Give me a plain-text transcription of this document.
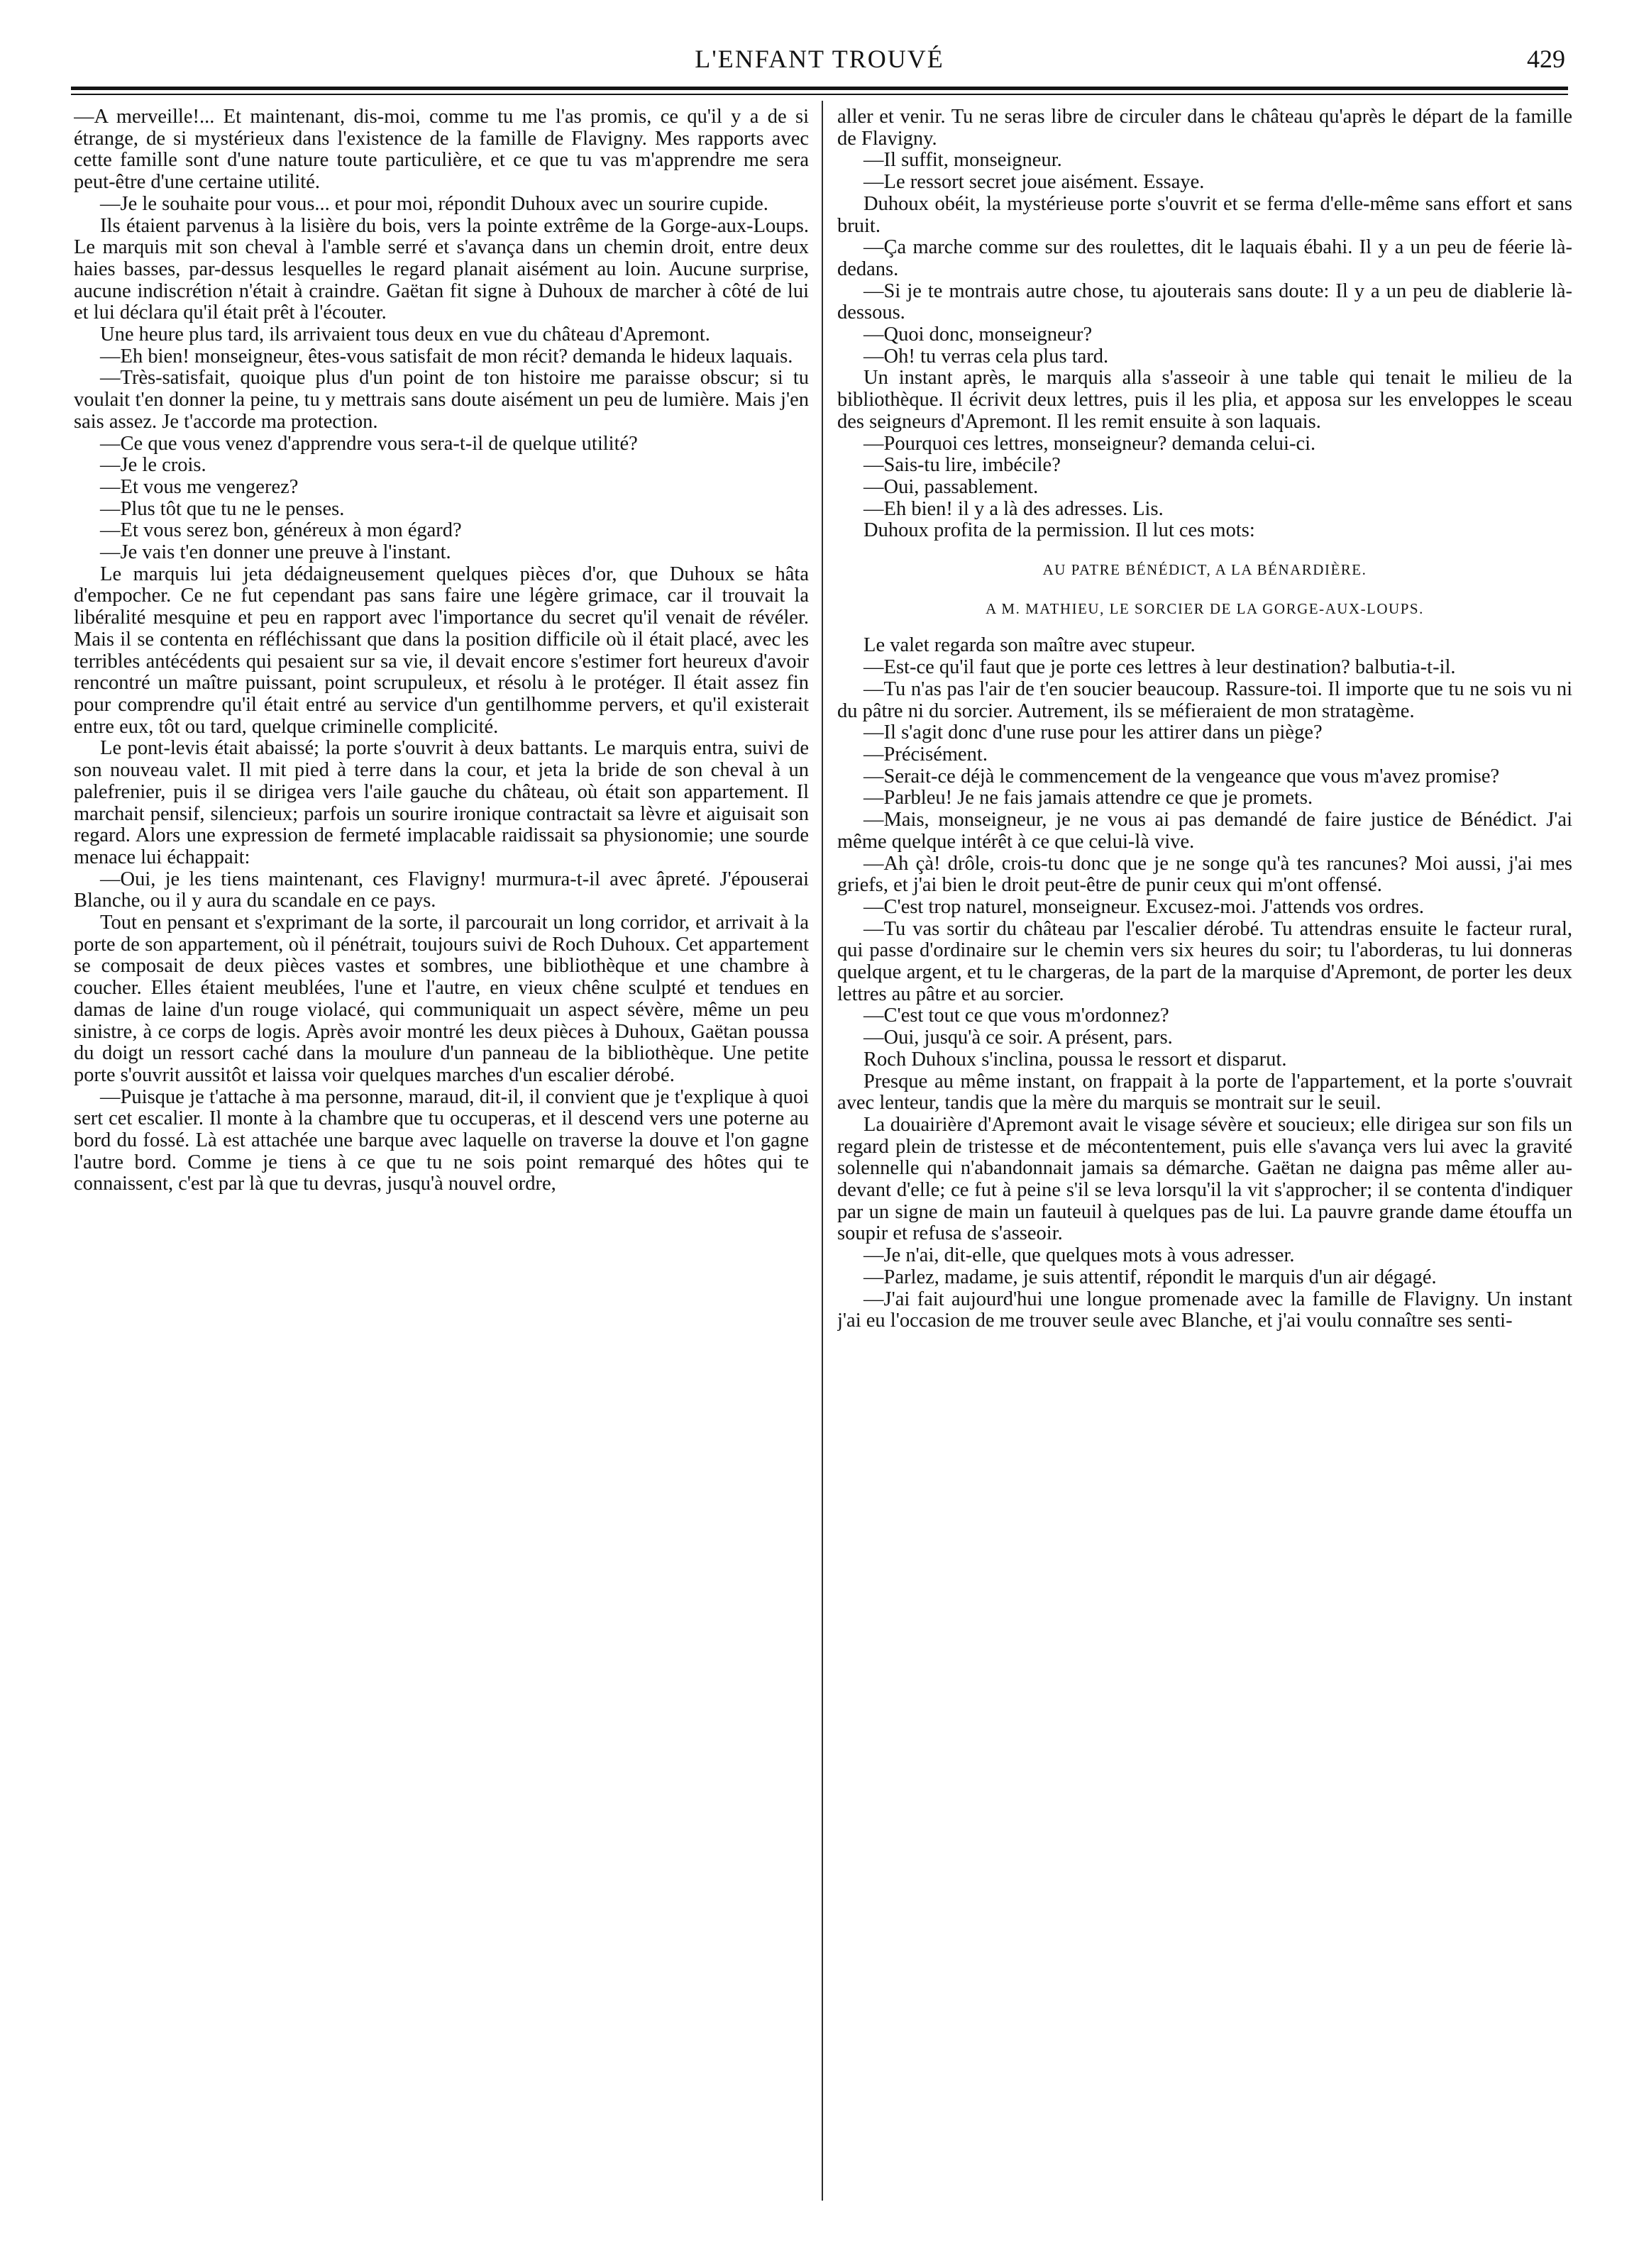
L'ENFANT TROUVÉ	429

—A merveille!... Et maintenant, dis-moi, comme tu me l'as promis, ce qu'il y a de si étrange, de si mystérieux dans l'existence de la famille de Flavigny. Mes rapports avec cette famille sont d'une nature toute particulière, et ce que tu vas m'apprendre me sera peut-être d'une certaine utilité.

—Je le souhaite pour vous... et pour moi, répondit Duhoux avec un sourire cupide.

Ils étaient parvenus à la lisière du bois, vers la pointe extrême de la Gorge-aux-Loups. Le marquis mit son cheval à l'amble serré et s'avança dans un chemin droit, entre deux haies basses, par-dessus lesquelles le regard planait aisément au loin. Aucune surprise, aucune indiscrétion n'était à craindre. Gaëtan fit signe à Duhoux de marcher à côté de lui et lui déclara qu'il était prêt à l'écouter.

Une heure plus tard, ils arrivaient tous deux en vue du château d'Apremont.

—Eh bien! monseigneur, êtes-vous satisfait de mon récit? demanda le hideux laquais.

—Très-satisfait, quoique plus d'un point de ton histoire me paraisse obscur; si tu voulait t'en donner la peine, tu y mettrais sans doute aisément un peu de lumière. Mais j'en sais assez. Je t'accorde ma protection.

—Ce que vous venez d'apprendre vous sera-t-il de quelque utilité?

—Je le crois.

—Et vous me vengerez?

—Plus tôt que tu ne le penses.

—Et vous serez bon, généreux à mon égard?

—Je vais t'en donner une preuve à l'instant.

Le marquis lui jeta dédaigneusement quelques pièces d'or, que Duhoux se hâta d'empocher. Ce ne fut cependant pas sans faire une légère grimace, car il trouvait la libéralité mesquine et peu en rapport avec l'importance du secret qu'il venait de révéler. Mais il se contenta en réfléchissant que dans la position difficile où il était placé, avec les terribles antécédents qui pesaient sur sa vie, il devait encore s'estimer fort heureux d'avoir rencontré un maître puissant, point scrupuleux, et résolu à le protéger. Il était assez fin pour comprendre qu'il était entré au service d'un gentilhomme pervers, et qu'il existerait entre eux, tôt ou tard, quelque criminelle complicité.

Le pont-levis était abaissé; la porte s'ouvrit à deux battants. Le marquis entra, suivi de son nouveau valet. Il mit pied à terre dans la cour, et jeta la bride de son cheval à un palefrenier, puis il se dirigea vers l'aile gauche du château, où était son appartement. Il marchait pensif, silencieux; parfois un sourire ironique contractait sa lèvre et aiguisait son regard. Alors une expression de fermeté implacable raidissait sa physionomie; une sourde menace lui échappait:

—Oui, je les tiens maintenant, ces Flavigny! murmura-t-il avec âpreté. J'épouserai Blanche, ou il y aura du scandale en ce pays.

Tout en pensant et s'exprimant de la sorte, il parcourait un long corridor, et arrivait à la porte de son appartement, où il pénétrait, toujours suivi de Roch Duhoux. Cet appartement se composait de deux pièces vastes et sombres, une bibliothèque et une chambre à coucher. Elles étaient meublées, l'une et l'autre, en vieux chêne sculpté et tendues en damas de laine d'un rouge violacé, qui communiquait un aspect sévère, même un peu sinistre, à ce corps de logis. Après avoir montré les deux pièces à Duhoux, Gaëtan poussa du doigt un ressort caché dans la moulure d'un panneau de la bibliothèque. Une petite porte s'ouvrit aussitôt et laissa voir quelques marches d'un escalier dérobé.

—Puisque je t'attache à ma personne, maraud, dit-il, il convient que je t'explique à quoi sert cet escalier. Il monte à la chambre que tu occuperas, et il descend vers une poterne au bord du fossé. Là est attachée une barque avec laquelle on traverse la douve et l'on gagne l'autre bord. Comme je tiens à ce que tu ne sois point remarqué des hôtes qui te connaissent, c'est par là que tu devras, jusqu'à nouvel ordre,

aller et venir. Tu ne seras libre de circuler dans le château qu'après le départ de la famille de Flavigny.

—Il suffit, monseigneur.

—Le ressort secret joue aisément. Essaye.

Duhoux obéit, la mystérieuse porte s'ouvrit et se ferma d'elle-même sans effort et sans bruit.

—Ça marche comme sur des roulettes, dit le laquais ébahi. Il y a un peu de féerie là-dedans.

—Si je te montrais autre chose, tu ajouterais sans doute: Il y a un peu de diablerie là-dessous.

—Quoi donc, monseigneur?

—Oh! tu verras cela plus tard.

Un instant après, le marquis alla s'asseoir à une table qui tenait le milieu de la bibliothèque. Il écrivit deux lettres, puis il les plia, et apposa sur les enveloppes le sceau des seigneurs d'Apremont. Il les remit ensuite à son laquais.

—Pourquoi ces lettres, monseigneur? demanda celui-ci.

—Sais-tu lire, imbécile?

—Oui, passablement.

—Eh bien! il y a là des adresses. Lis.

Duhoux profita de la permission. Il lut ces mots:

AU PATRE BÉNÉDICT, A LA BÉNARDIÈRE.

A M. MATHIEU, LE SORCIER DE LA GORGE-AUX-LOUPS.

Le valet regarda son maître avec stupeur.

—Est-ce qu'il faut que je porte ces lettres à leur destination? balbutia-t-il.

—Tu n'as pas l'air de t'en soucier beaucoup. Rassure-toi. Il importe que tu ne sois vu ni du pâtre ni du sorcier. Autrement, ils se méfieraient de mon stratagème.

—Il s'agit donc d'une ruse pour les attirer dans un piège?

—Précisément.

—Serait-ce déjà le commencement de la vengeance que vous m'avez promise?

—Parbleu! Je ne fais jamais attendre ce que je promets.

—Mais, monseigneur, je ne vous ai pas demandé de faire justice de Bénédict. J'ai même quelque intérêt à ce que celui-là vive.

—Ah çà! drôle, crois-tu donc que je ne songe qu'à tes rancunes? Moi aussi, j'ai mes griefs, et j'ai bien le droit peut-être de punir ceux qui m'ont offensé.

—C'est trop naturel, monseigneur. Excusez-moi. J'attends vos ordres.

—Tu vas sortir du château par l'escalier dérobé. Tu attendras ensuite le facteur rural, qui passe d'ordinaire sur le chemin vers six heures du soir; tu l'aborderas, tu lui donneras quelque argent, et tu le chargeras, de la part de la marquise d'Apremont, de porter les deux lettres au pâtre et au sorcier.

—C'est tout ce que vous m'ordonnez?

—Oui, jusqu'à ce soir. A présent, pars.

Roch Duhoux s'inclina, poussa le ressort et disparut.

Presque au même instant, on frappait à la porte de l'appartement, et la porte s'ouvrait avec lenteur, tandis que la mère du marquis se montrait sur le seuil.

La douairière d'Apremont avait le visage sévère et soucieux; elle dirigea sur son fils un regard plein de tristesse et de mécontentement, puis elle s'avança vers lui avec la gravité solennelle qui n'abandonnait jamais sa démarche. Gaëtan ne daigna pas même aller au-devant d'elle; ce fut à peine s'il se leva lorsqu'il la vit s'approcher; il se contenta d'indiquer par un signe de main un fauteuil à quelques pas de lui. La pauvre grande dame étouffa un soupir et refusa de s'asseoir.

—Je n'ai, dit-elle, que quelques mots à vous adresser.

—Parlez, madame, je suis attentif, répondit le marquis d'un air dégagé.

—J'ai fait aujourd'hui une longue promenade avec la famille de Flavigny. Un instant j'ai eu l'occasion de me trouver seule avec Blanche, et j'ai voulu connaître ses senti-
